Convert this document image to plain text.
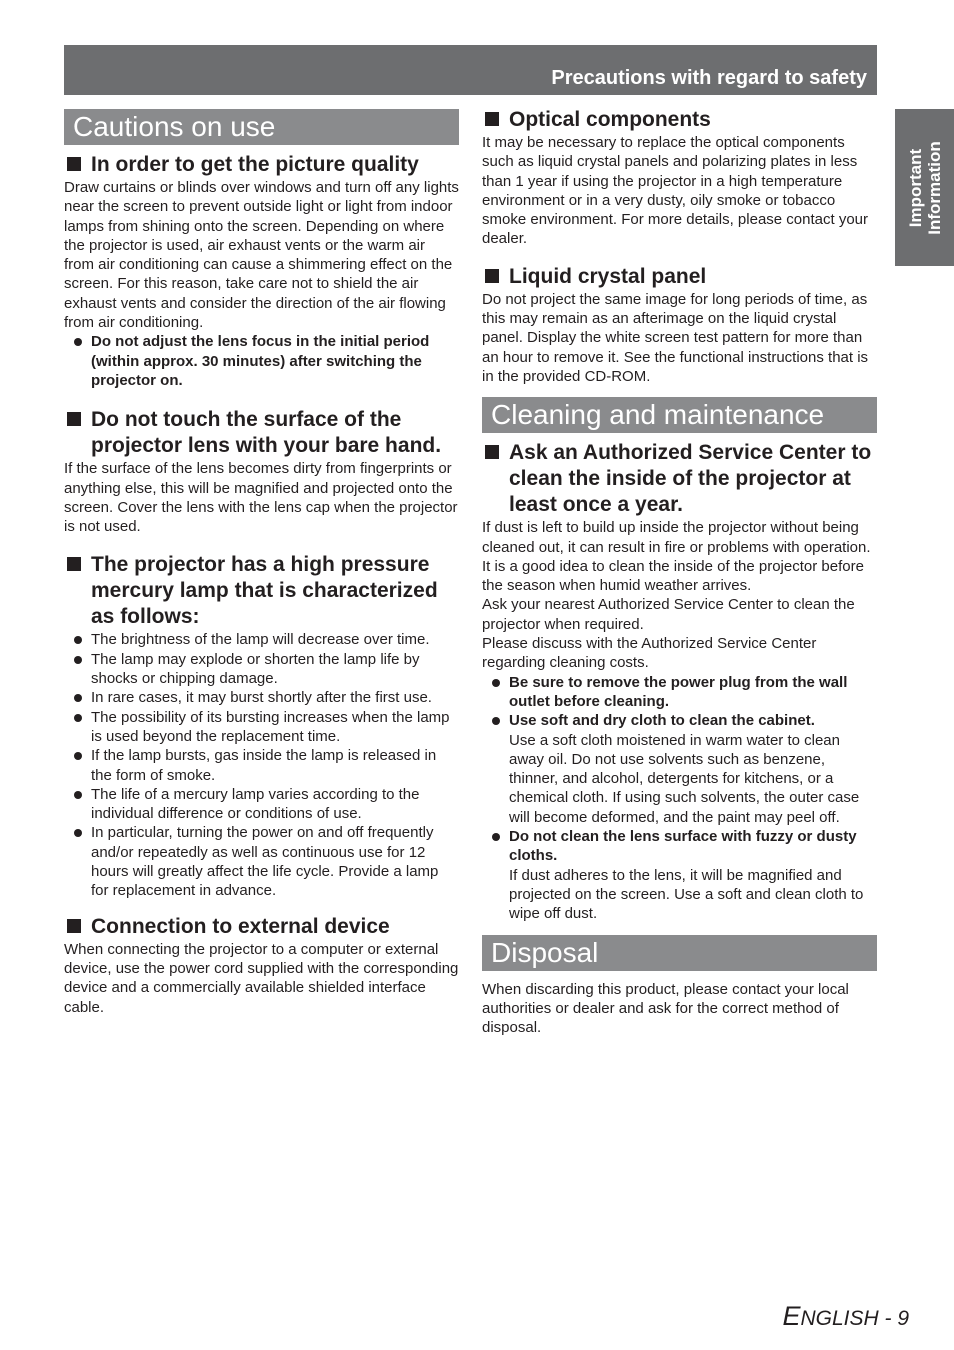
Precautions with regard to safety
Important
Information
Cautions on use
In order to get the picture quality
Draw curtains or blinds over windows and turn off any lights near the screen to prevent outside light or light from indoor lamps from shining onto the screen. Depending on where the projector is used, air exhaust vents or the warm air from air conditioning can cause a shimmering effect on the screen. For this reason, take care not to shield the air exhaust vents and consider the direction of the air flowing from air conditioning.
Do not adjust the lens focus in the initial period (within approx. 30 minutes) after switching the projector on.
Do not touch the surface of the projector lens with your bare hand.
If the surface of the lens becomes dirty from fingerprints or anything else, this will be magnified and projected onto the screen. Cover the lens with the lens cap when the projector is not used.
The projector has a high pressure mercury lamp that is characterized as follows:
The brightness of the lamp will decrease over time.
The lamp may explode or shorten the lamp life by shocks or chipping damage.
In rare cases, it may burst shortly after the first use.
The possibility of its bursting increases when the lamp is used beyond the replacement time.
If the lamp bursts, gas inside the lamp is released in the form of smoke.
The life of a mercury lamp varies according to the individual difference or conditions of use.
In particular, turning the power on and off frequently and/or repeatedly as well as continuous use for 12 hours will greatly affect the life cycle. Provide a lamp for replacement in advance.
Connection to external device
When connecting the projector to a computer or external device, use the power cord supplied with the corresponding device and a commercially available shielded interface cable.
Optical components
It may be necessary to replace the optical components such as liquid crystal panels and polarizing plates in less than 1 year if using the projector in a high temperature environment or in a very dusty, oily smoke or tobacco smoke environment. For more details, please contact your dealer.
Liquid crystal panel
Do not project the same image for long periods of time, as this may remain as an afterimage on the liquid crystal panel. Display the white screen test pattern for more than an hour to remove it. See the functional instructions that is in the provided CD-ROM.
Cleaning and maintenance
Ask an Authorized Service Center to clean the inside of the projector at least once a year.
If dust is left to build up inside the projector without being cleaned out, it can result in fire or problems with operation. It is a good idea to clean the inside of the projector before the season when humid weather arrives.
Ask your nearest Authorized Service Center to clean the projector when required.
Please discuss with the Authorized Service Center regarding cleaning costs.
Be sure to remove the power plug from the wall outlet before cleaning.
Use soft and dry cloth to clean the cabinet.
Use a soft cloth moistened in warm water to clean away oil. Do not use solvents such as benzene, thinner, and alcohol, detergents for kitchens, or a chemical cloth. If using such solvents, the outer case will become deformed, and the paint may peel off.
Do not clean the lens surface with fuzzy or dusty cloths.
If dust adheres to the lens, it will be magnified and projected on the screen. Use a soft and clean cloth to wipe off dust.
Disposal
When discarding this product, please contact your local authorities or dealer and ask for the correct method of disposal.
ENGLISH - 9
